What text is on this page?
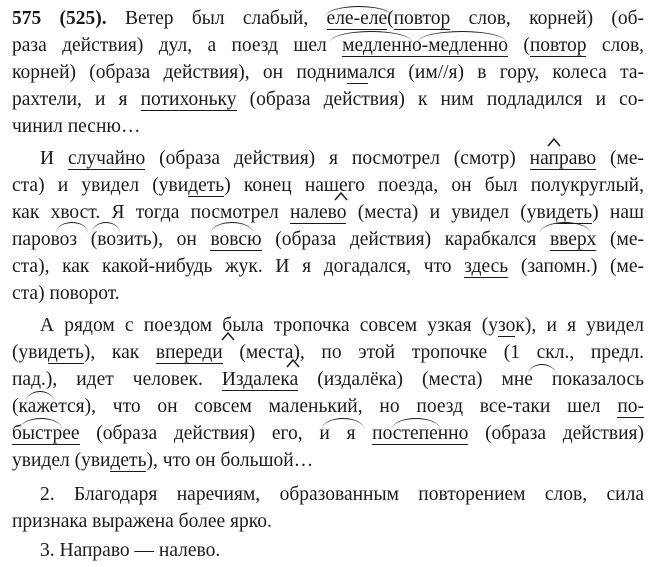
575 (525). Ветер был слабый, еле-еле(повтор слов, корней) (об-
раза действия) дул, а поезд шел медленно-медленно (повтор слов,
корней) (образа действия), он поднимался (им//я) в гору, колеса та-
рахтели, и я потихоньку (образа действия) к ним подладился и со-
чинил песню…
И случайно (образа действия) я посмотрел (смотр) направо (ме-
ста) и увидел (увидеть) конец нашего поезда, он был полукруглый,
как хвост. Я тогда посмотрел налево (места) и увидел (увидеть) наш
паровоз (возить), он вовсю (образа действия) карабкался вверх (ме-
ста), как какой-нибудь жук. И я догадался, что здесь (запомн.) (ме-
ста) поворот.
А рядом с поездом была тропочка совсем узкая (узок), и я увидел
(увидеть), как впереди (места), по этой тропочке (1 скл., предл.
пад.), идет человек. Издалека (издалёка) (места) мне показалось
(кажется), что он совсем маленький, но поезд все-таки шел по-
быстрее (образа действия) его, и я постепенно (образа действия)
увидел (увидеть), что он большой…
2. Благодаря наречиям, образованным повторением слов, сила
признака выражена более ярко.
3. Направо — налево.
